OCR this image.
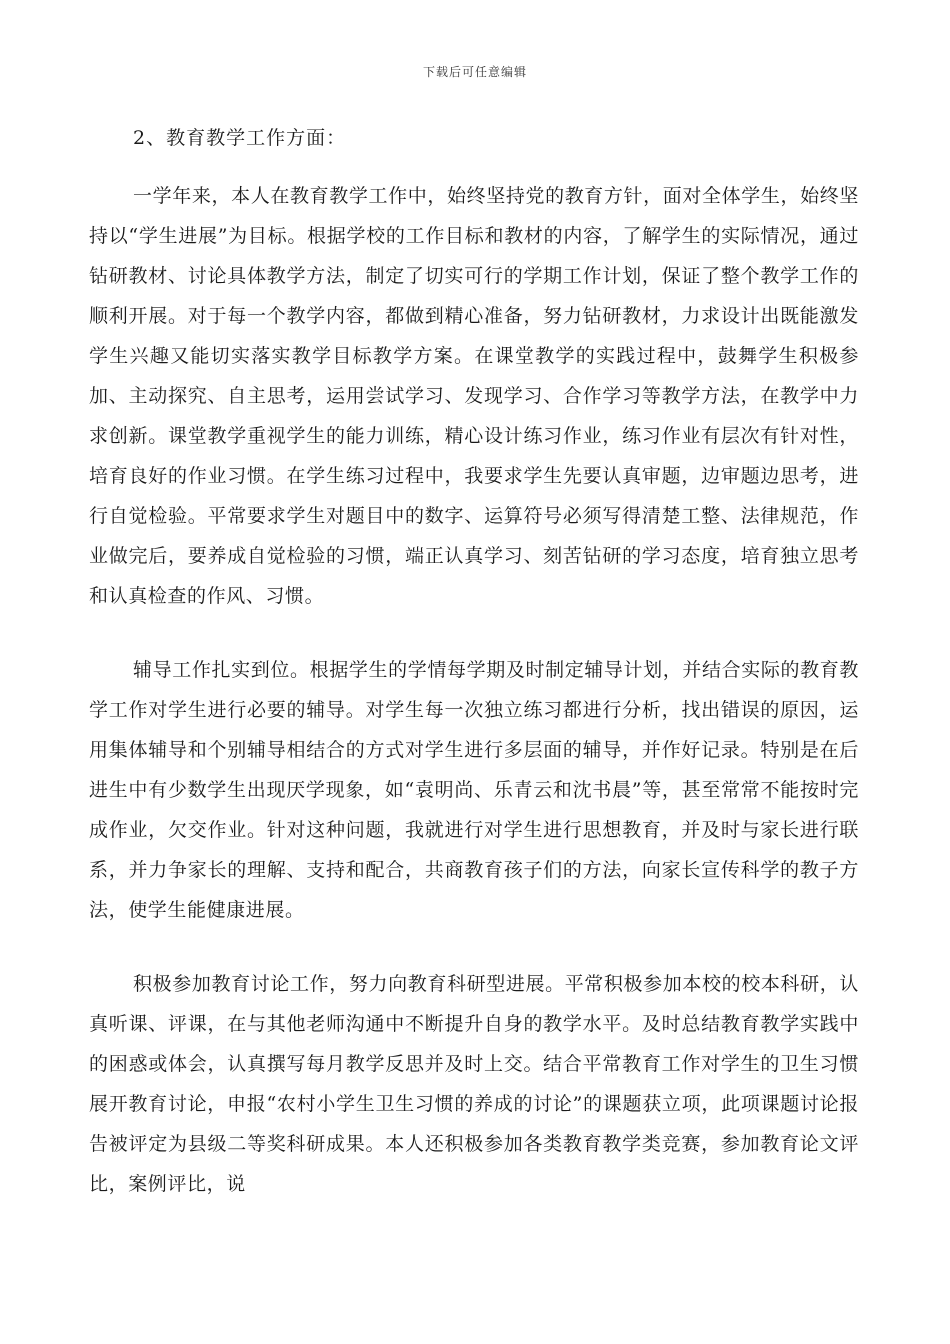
下载后可任意编辑

2、教育教学工作方面：

一学年来，本人在教育教学工作中，始终坚持党的教育方针，面对全体学生，始终坚持以“学生进展”为目标。根据学校的工作目标和教材的内容，了解学生的实际情况，通过钻研教材、讨论具体教学方法，制定了切实可行的学期工作计划，保证了整个教学工作的顺利开展。对于每一个教学内容，都做到精心准备，努力钻研教材，力求设计出既能激发学生兴趣又能切实落实教学目标教学方案。在课堂教学的实践过程中，鼓舞学生积极参加、主动探究、自主思考，运用尝试学习、发现学习、合作学习等教学方法，在教学中力求创新。课堂教学重视学生的能力训练，精心设计练习作业，练习作业有层次有针对性，培育良好的作业习惯。在学生练习过程中，我要求学生先要认真审题，边审题边思考，进行自觉检验。平常要求学生对题目中的数字、运算符号必须写得清楚工整、法律规范，作业做完后，要养成自觉检验的习惯，端正认真学习、刻苦钻研的学习态度，培育独立思考和认真检查的作风、习惯。

辅导工作扎实到位。根据学生的学情每学期及时制定辅导计划，并结合实际的教育教学工作对学生进行必要的辅导。对学生每一次独立练习都进行分析，找出错误的原因，运用集体辅导和个别辅导相结合的方式对学生进行多层面的辅导，并作好记录。特别是在后进生中有少数学生出现厌学现象，如“袁明尚、乐青云和沈书晨”等，甚至常常不能按时完成作业，欠交作业。针对这种问题，我就进行对学生进行思想教育，并及时与家长进行联系，并力争家长的理解、支持和配合，共商教育孩子们的方法，向家长宣传科学的教子方法，使学生能健康进展。

积极参加教育讨论工作，努力向教育科研型进展。平常积极参加本校的校本科研，认真听课、评课，在与其他老师沟通中不断提升自身的教学水平。及时总结教育教学实践中的困惑或体会，认真撰写每月教学反思并及时上交。结合平常教育工作对学生的卫生习惯展开教育讨论，申报“农村小学生卫生习惯的养成的讨论”的课题获立项，此项课题讨论报告被评定为县级二等奖科研成果。本人还积极参加各类教育教学类竞赛，参加教育论文评比，案例评比，说
